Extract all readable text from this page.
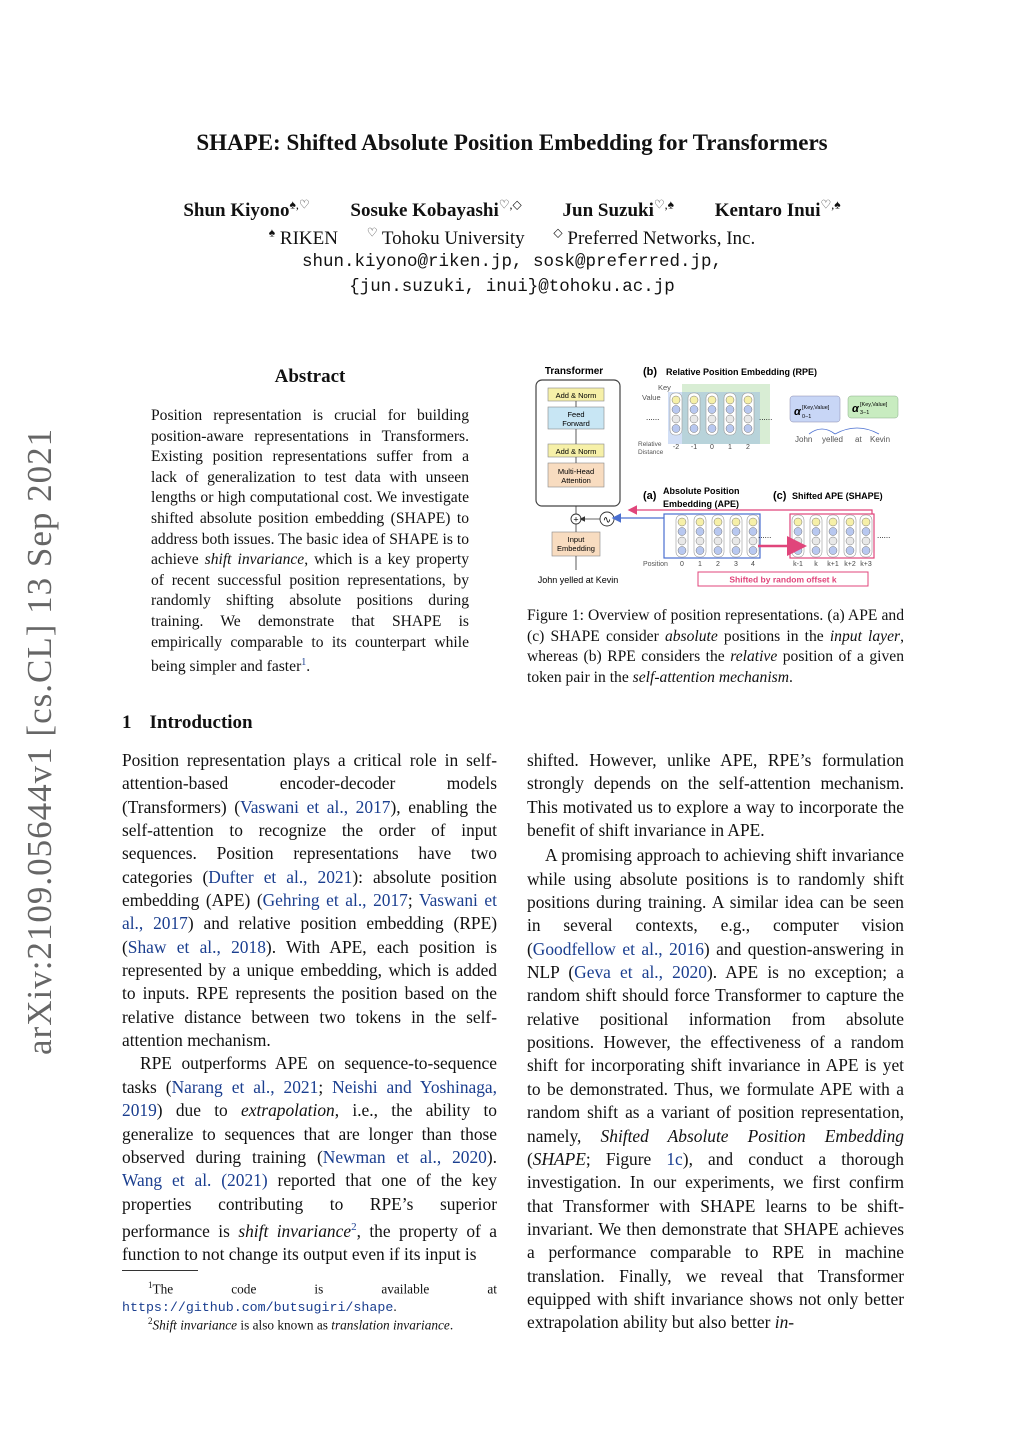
SHAPE: Shifted Absolute Position Embedding for Transformers
Shun Kiyono♠,♡ Sosuke Kobayashi♡,◇ Jun Suzuki♡,♠ Kentaro Inui♡,♠
♠ RIKEN ♡ Tohoku University ◇ Preferred Networks, Inc.
shun.kiyono@riken.jp, sosk@preferred.jp,
{jun.suzuki, inui}@tohoku.ac.jp
arXiv:2109.05644v1 [cs.CL] 13 Sep 2021
Abstract
Position representation is crucial for building position-aware representations in Transformers. Existing position representations suffer from a lack of generalization to test data with unseen lengths or high computational cost. We investigate shifted absolute position embedding (SHAPE) to address both issues. The basic idea of SHAPE is to achieve shift invariance, which is a key property of recent successful position representations, by randomly shifting absolute positions during training. We demonstrate that SHAPE is empirically comparable to its counterpart while being simpler and faster$^1$.
1 Introduction

Position representation plays a critical role in self-attention-based encoder-decoder models (Transformers) (Vaswani et al., 2017), enabling the self-attention to recognize the order of input sequences. Position representations have two categories (Dufter et al., 2021): absolute position embedding (APE) (Gehring et al., 2017; Vaswani et al., 2017) and relative position embedding (RPE) (Shaw et al., 2018). With APE, each position is represented by a unique embedding, which is added to inputs. RPE represents the position based on the relative distance between two tokens in the self-attention mechanism.

RPE outperforms APE on sequence-to-sequence tasks (Narang et al., 2021; Neishi and Yoshinaga, 2019) due to extrapolation, i.e., the ability to generalize to sequences that are longer than those observed during training (Newman et al., 2020). Wang et al. (2021) reported that one of the key properties contributing to RPE’s superior performance is shift invariance$^2$, the property of a function to not change its output even if its input is

$^1$The code is available at https://github.com/butsugiri/shape.
$^2$Shift invariance is also known as translation invariance.
Transformer
Add & Norm
Feed
Forward
Add & Norm
Multi-Head
Attention
+ ∿
Input
Embedding
John yelled at Kevin
(b) Relative Position Embedding (RPE)
Key
Value
......
Relative
Distance
-2 -1 0 1 2
...... α [Key,Value]
0−1
α [Key,Value]
3−1
John yelled at Kevin
(a) Absolute Position
Embedding (APE)
Position 0 1 2 3 4
(c) Shifted APE (SHAPE)
......	......
k-1 k k+1 k+2 k+3
Shifted by random offset k
Figure 1: Overview of position representations. (a) APE and (c) SHAPE consider absolute positions in the input layer, whereas (b) RPE considers the relative position of a given token pair in the self-attention mechanism.

shifted. However, unlike APE, RPE’s formulation strongly depends on the self-attention mechanism. This motivated us to explore a way to incorporate the benefit of shift invariance in APE.

A promising approach to achieving shift invariance while using absolute positions is to randomly shift positions during training. A similar idea can be seen in several contexts, e.g., computer vision (Goodfellow et al., 2016) and question-answering in NLP (Geva et al., 2020). APE is no exception; a random shift should force Transformer to capture the relative positional information from absolute positions. However, the effectiveness of a random shift for incorporating shift invariance in APE is yet to be demonstrated. Thus, we formulate APE with a random shift as a variant of position representation, namely, Shifted Absolute Position Embedding (SHAPE; Figure 1c), and conduct a thorough investigation. In our experiments, we first confirm that Transformer with SHAPE learns to be shift-invariant. We then demonstrate that SHAPE achieves a performance comparable to RPE in machine translation. Finally, we reveal that Transformer equipped with shift invariance shows not only better extrapolation ability but also better in-
